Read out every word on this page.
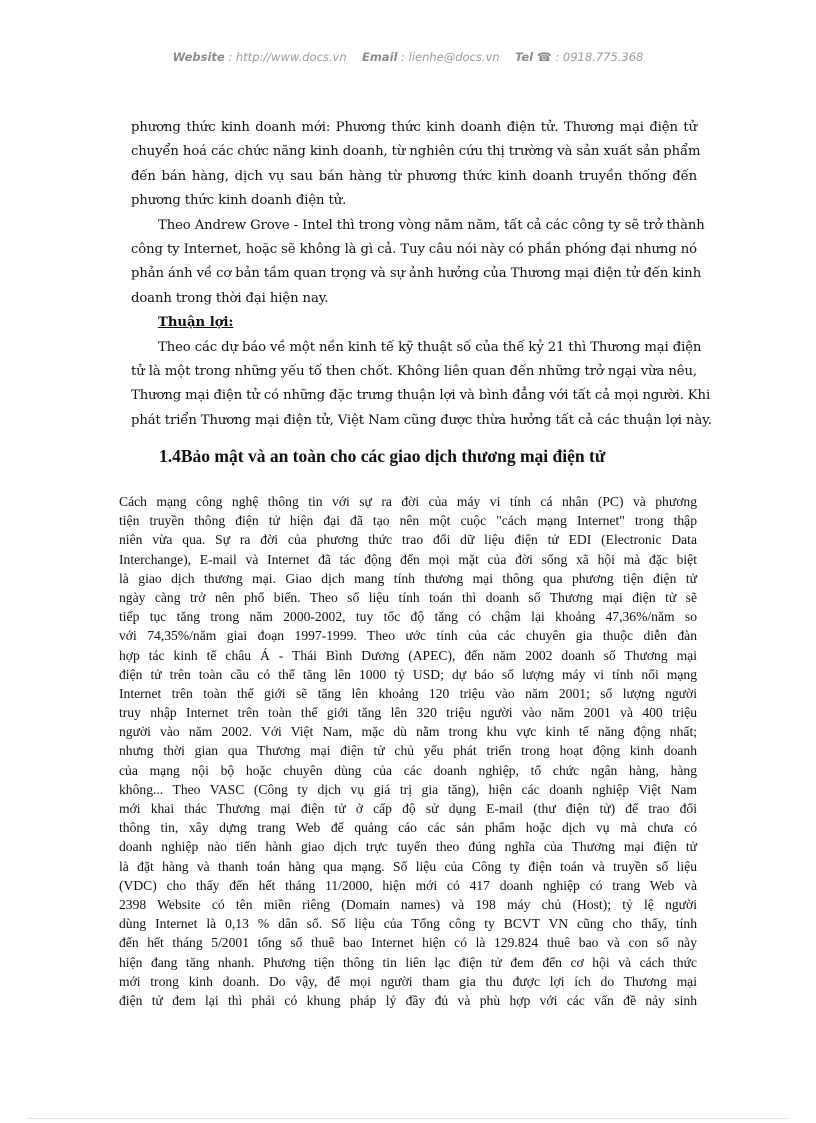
Website : http://www.docs.vn Email : lienhe@docs.vn Tel ☎ : 0918.775.368
phương thức kinh doanh mới: Phương thức kinh doanh điện tử. Thương mại điện tử
chuyển hoá các chức năng kinh doanh, từ nghiên cứu thị trường và sản xuất sản phẩm
đến bán hàng, dịch vụ sau bán hàng từ phương thức kinh doanh truyền thống đến
phương thức kinh doanh điện tử.
Theo Andrew Grove - Intel thì trong vòng năm năm, tất cả các công ty sẽ trở thành
công ty Internet, hoặc sẽ không là gì cả. Tuy câu nói này có phần phóng đại nhưng nó
phản ánh về cơ bản tầm quan trọng và sự ảnh hưởng của Thương mại điện tử đến kinh
doanh trong thời đại hiện nay.
Thuận lợi:
Theo các dự báo về một nền kinh tế kỹ thuật số của thế kỷ 21 thì Thương mại điện
tử là một trong những yếu tố then chốt. Không liên quan đến những trở ngại vừa nêu,
Thương mại điện tử có những đặc trưng thuận lợi và bình đẳng với tất cả mọi người. Khi
phát triển Thương mại điện tử, Việt Nam cũng được thừa hưởng tất cả các thuận lợi này.
1.4Bảo mật và an toàn cho các giao dịch thương mại điện tử
Cách mạng công nghệ thông tin với sự ra đời của máy vi tính cá nhân (PC) và phương
tiện truyền thông điện tử hiện đại đã tạo nên một cuộc "cách mạng Internet" trong thập
niên vừa qua. Sự ra đời của phương thức trao đổi dữ liệu điện tử EDI (Electronic Data
Interchange), E-mail và Internet đã tác động đến mọi mặt của đời sống xã hội mà đặc biệt
là giao dịch thương mại. Giao dịch mang tính thương mại thông qua phương tiện điện tử
ngày càng trở nên phổ biến. Theo số liệu tính toán thì doanh số Thương mại điện tử sẽ
tiếp tục tăng trong năm 2000-2002, tuy tốc độ tăng có chậm lại khoảng 47,36%/năm so
với 74,35%/năm giai đoạn 1997-1999. Theo ước tính của các chuyên gia thuộc diễn đàn
hợp tác kinh tế châu Á - Thái Bình Dương (APEC), đến năm 2002 doanh số Thương mại
điện tử trên toàn cầu có thể tăng lên 1000 tỷ USD; dự báo số lượng máy vi tính nối mạng
Internet trên toàn thế giới sẽ tăng lên khoảng 120 triệu vào năm 2001; số lượng người
truy nhập Internet trên toàn thế giới tăng lên 320 triệu người vào năm 2001 và 400 triệu
người vào năm 2002. Với Việt Nam, mặc dù nằm trong khu vực kinh tế năng động nhất;
nhưng thời gian qua Thương mại điện tử chủ yếu phát triển trong hoạt động kinh doanh
của mạng nội bộ hoặc chuyên dùng của các doanh nghiệp, tổ chức ngân hàng, hàng
không... Theo VASC (Công ty dịch vụ giá trị gia tăng), hiện các doanh nghiệp Việt Nam
mới khai thác Thương mại điện tử ở cấp độ sử dụng E-mail (thư điện tử) để trao đổi
thông tin, xây dựng trang Web để quảng cáo các sản phẩm hoặc dịch vụ mà chưa có
doanh nghiệp nào tiến hành giao dịch trực tuyến theo đúng nghĩa của Thương mại điện tử
là đặt hàng và thanh toán hàng qua mạng. Số liệu của Công ty điện toán và truyền số liệu
(VDC) cho thấy đến hết tháng 11/2000, hiện mới có 417 doanh nghiệp có trang Web và
2398 Website có tên miền riêng (Domain names) và 198 máy chủ (Host); tỷ lệ người
dùng Internet là 0,13 % dân số. Số liệu của Tổng công ty BCVT VN cũng cho thấy, tính
đến hết tháng 5/2001 tổng số thuê bao Internet hiện có là 129.824 thuê bao và con số này
hiện đang tăng nhanh. Phương tiện thông tin liên lạc điện tử đem đến cơ hội và cách thức
mới trong kinh doanh. Do vậy, để mọi người tham gia thu được lợi ích do Thương mại
điện tử đem lại thì phải có khung pháp lý đầy đủ và phù hợp với các vấn đề nảy sinh
